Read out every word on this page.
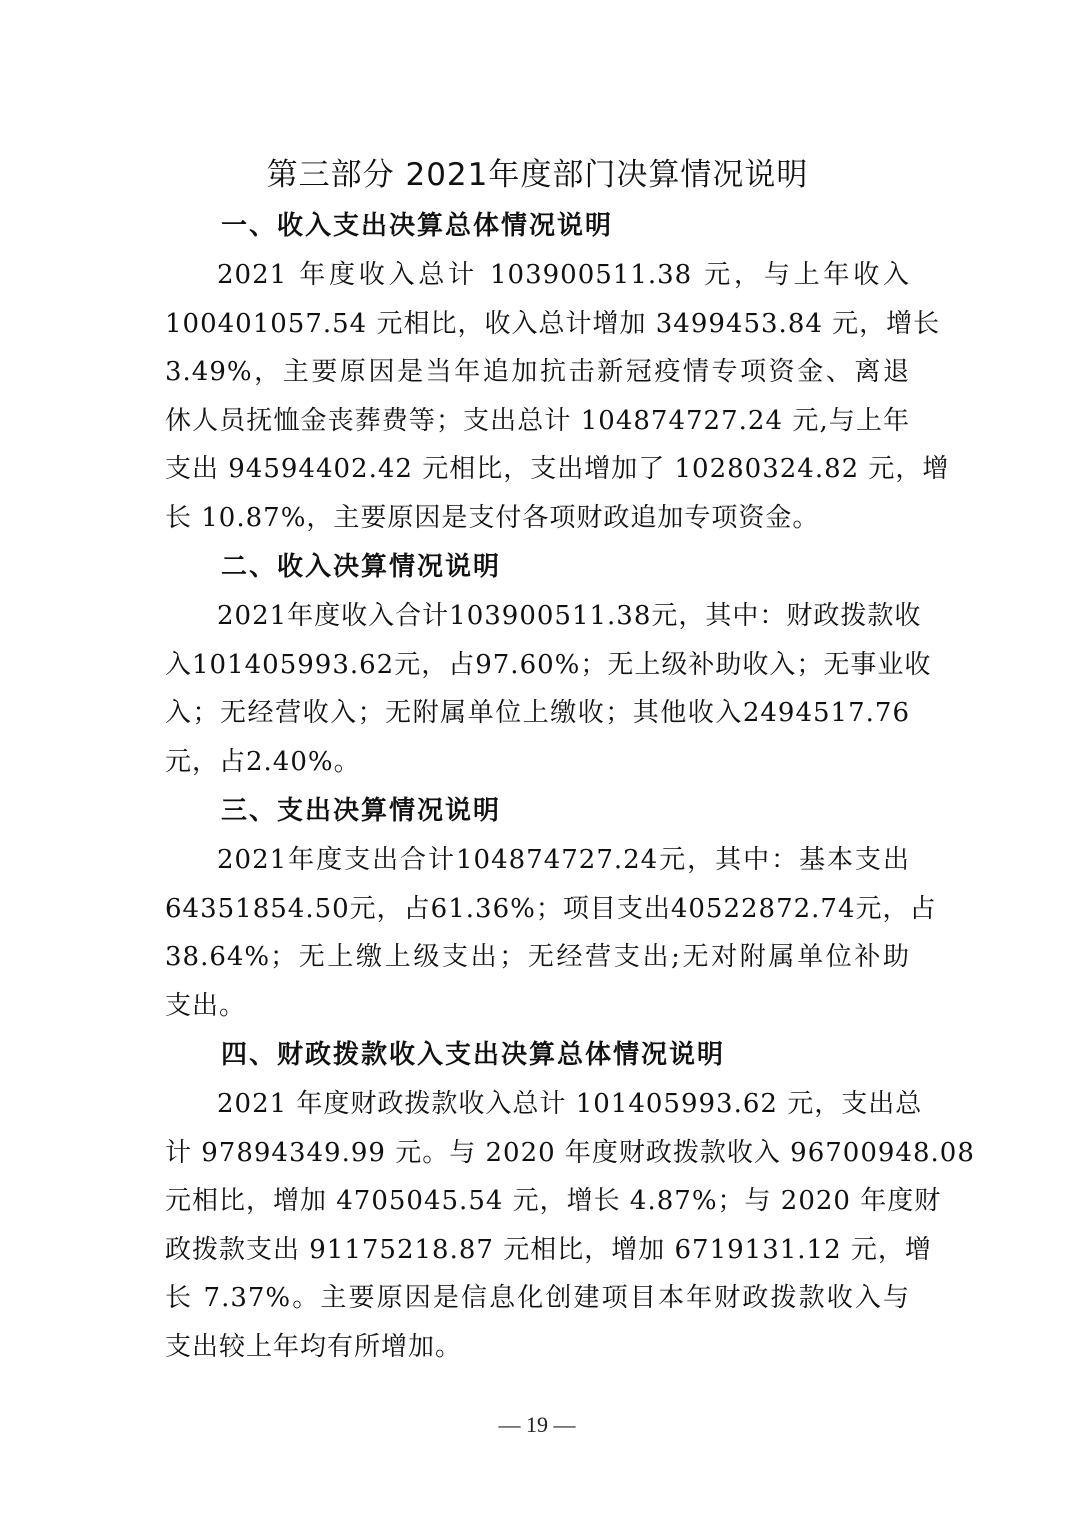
第三部分 2021年度部门决算情况说明
一、收入支出决算总体情况说明

2021 年度收入总计 103900511.38 元，与上年收入
100401057.54 元相比，收入总计增加 3499453.84 元，增长
3.49%，主要原因是当年追加抗击新冠疫情专项资金、离退
休人员抚恤金丧葬费等；支出总计 104874727.24 元,与上年
支出 94594402.42 元相比，支出增加了 10280324.82 元，增
长 10.87%，主要原因是支付各项财政追加专项资金。

二、收入决算情况说明

2021年度收入合计103900511.38元，其中：财政拨款收
入101405993.62元，占97.60%；无上级补助收入；无事业收
入；无经营收入；无附属单位上缴收；其他收入2494517.76
元，占2.40%。

三、支出决算情况说明

2021年度支出合计104874727.24元，其中：基本支出
64351854.50元，占61.36%；项目支出40522872.74元，占
38.64%；无上缴上级支出；无经营支出;无对附属单位补助
支出。

四、财政拨款收入支出决算总体情况说明

2021 年度财政拨款收入总计 101405993.62 元，支出总
计 97894349.99 元。与 2020 年度财政拨款收入 96700948.08
元相比，增加 4705045.54 元，增长 4.87%；与 2020 年度财
政拨款支出 91175218.87 元相比，增加 6719131.12 元，增
长 7.37%。主要原因是信息化创建项目本年财政拨款收入与
支出较上年均有所增加。

— 19 —
